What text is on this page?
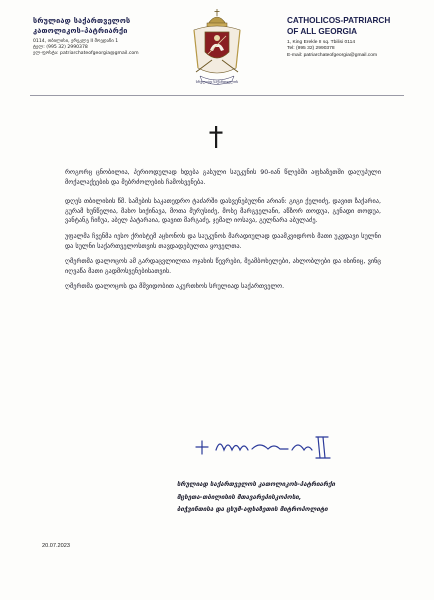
სრულიად საქართველოს
კათოლიკოს-პატრიარქი
0114, თბილისი, ერეკლე II მოედანი 1
ტელ: (995 32) 2990378
ელ-ფოსტა: patriarchateofgeorgia@gmail.com
სრულიად საქართველოს
CATHOLICOS-PATRIARCH
OF ALL GEORGIA
1, King Erekle II sq. Tbilisi 0114
Tel: (995 32) 2990378
E-mail: patriarchateofgeorgia@gmail.com

როგორც ცნობილია, პერიოდულად ხდება გასული საუკუნის 90-იან წლებში აფხაზეთში დაღუპული მოქალაქეების და მებრძოლების ჩამოსვენება.

დღეს თბილისის წმ. სამების საკათედრო ტაძარში დასვენებულნი არიან: გიგი ქელიძე, დავით ზაქარია, გურამ ხუნწელია, მახო სიქინავა, მოთა მურუსიძე, მოსე მარგველანი, აწზორ თოდუა, გენადი თოდუა, ვანტანგ ჩიჩუა, აბელ პატარაია, დავით მარგაძე, ჯემალ იოსავა, გელნარა აბულაძე.

უფალმა ჩვენმა იესო ქრისტემ აცხონოს და საუკუნოს მარადიულად დაამკვიდროს მათი უკვდავი სულნი და სულნი საქართველოსთვის თავდადებულთა ყოველთა.

ღმერთმა დალოცოს ამ გარდაცვლილთა ოჯახის წევრები, მეამბოხელები, ახლობლები და ისინიც, ვინც იღვაწა მათი გადმოსვენებისათვის.

ღმერთმა დალოცოს და მშვიდობით აკურთხოს სრულიად საქართველო.

სრულიად საქართველოს კათოლიკოს-პატრიარქი
მცხეთა-თბილისის მთავარეპისკოპოსი,
ბიჭვინთისა და ცხუმ-აფხაზეთის მიტროპოლიტი
20.07.2023
